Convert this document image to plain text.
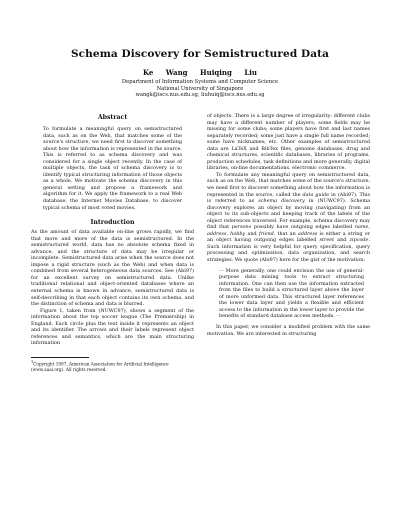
Schema Discovery for Semistructured Data
Ke Wang Huiqing Liu
Department of Information Systems and Computer Science
National University of Singapore
wangk@iscs.nus.edu.sg, liuhuiq@iscs.nus.edu.sg
Abstract
To formulate a meaningful query on semistructured data, such as on the Web, that matches some of the source's structure, we need first to discover something about how the information is represented in the source. This is referred to as schema discovery and was considered for a single object recently. In the case of multiple objects, the task of schema discovery is to identify typical structuring information of those objects as a whole. We motivate the schema discovery in this general setting and propose a framework and algorithm for it. We apply the framework to a real Web database, the Internet Movies Database, to discover typical schema of most voted movies.
Introduction
As the amount of data available on-line grows rapidly, we find that more and more of the data is semistructured. In the semistructured world, data has no absolute schema fixed in advance, and the structure of data may be irregular or incomplete. Semistructured data arise when the source does not impose a rigid structure (such as the Web) and when data is combined from several heterogeneous data sources. See (Abi97) for an excellent survey on semistructured data. Unlike traditional relational and object-oriented databases where an external schema is known in advance, semistructured data is self-describing in that each object contains its own schema, and the distinction of schema and data is blurred.
Figure 1, taken from (NUWC97), shows a segment of the information about the top soccer league (The Premiership) in England. Each circle plus the text inside it represents an object and its identifier. The arrows and their labels represent object references and semantics, which are the main structuring information
$^1$Copyright 1997, American Association for Artificial Intelligence (www.aaai.org). All rights reserved.
of objects. There is a large degree of irregularity: different clubs may have a different number of players; some fields may be missing for some clubs; some players have first and last names separately recorded; some just have a single full name recorded; some have nicknames; etc. Other examples of semistructured data are LaTeX and BibTex files, genome databases, drug and chemical structures, scientific databases, libraries of programs, production schedules, task definitions and more generally, digital libraries, on-line documentations, electronic commerce.
To formulate any meaningful query on semistructured data, such as on the Web, that matches some of the source's structure, we need first to discover something about how the information is represented in the source, called the data guide in (Abi97). This is referred to as schema discovery in (NUWC97). Schema discovery explores an object by moving (navigating) from an object to its sub-objects and keeping track of the labels of the object references traversed. For example, schema discovery may find that persons possibly have outgoing edges labelled name, address, hobby and friend, that an address is either a string or an object having outgoing edges labelled street and zipcode. Such information is very helpful for query specification, query processing and optimization, data organization, and search strategies. We quote (Abi97) here for the gist of the motivation:
··· More generally, one could envision the use of general-purpose data mining tools to extract structuring information. One can then use the information extracted from the files to build a structured layer above the layer of more unformed data. This structured layer references the lower data layer and yields a flexible and efficient access to the information in the lower layer to provide the benefits of standard database access methods. ···
In this paper, we consider a modified problem with the same motivation. We are interested in structuring
